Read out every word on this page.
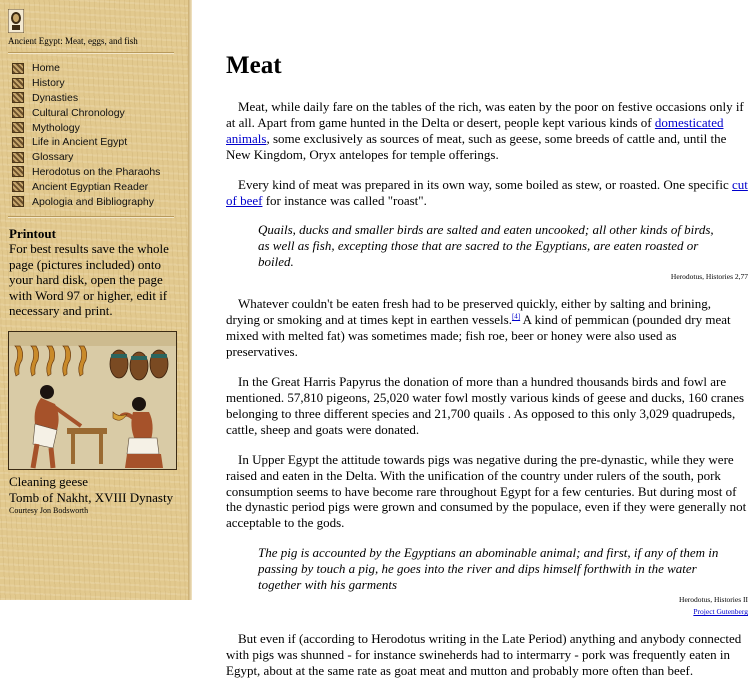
Ancient Egypt: Meat, eggs, and fish
Home
History
Dynasties
Cultural Chronology
Mythology
Life in Ancient Egypt
Glossary
Herodotus on the Pharaohs
Ancient Egyptian Reader
Apologia and Bibliography
Printout
For best results save the whole page (pictures included) onto your hard disk, open the page with Word 97 or higher, edit if necessary and print.
Cleaning geese
Tomb of Nakht, XVIII Dynasty
Courtesy Jon Bodsworth
Meat

Meat, while daily fare on the tables of the rich, was eaten by the poor on festive occasions only if at all. Apart from game hunted in the Delta or desert, people kept various kinds of domesticated animals, some exclusively as sources of meat, such as geese, some breeds of cattle and, until the New Kingdom, Oryx antelopes for temple offerings.

Every kind of meat was prepared in its own way, some boiled as stew, or roasted. One specific cut of beef for instance was called "roast".

Quails, ducks and smaller birds are salted and eaten uncooked; all other kinds of birds, as well as fish, excepting those that are sacred to the Egyptians, are eaten roasted or boiled.
Herodotus, Histories 2,77

Whatever couldn't be eaten fresh had to be preserved quickly, either by salting and brining, drying or smoking and at times kept in earthen vessels.[4] A kind of pemmican (pounded dry meat mixed with melted fat) was sometimes made; fish roe, beer or honey were also used as preservatives.

In the Great Harris Papyrus the donation of more than a hundred thousands birds and fowl are mentioned. 57,810 pigeons, 25,020 water fowl mostly various kinds of geese and ducks, 160 cranes belonging to three different species and 21,700 quails . As opposed to this only 3,029 quadrupeds, cattle, sheep and goats were donated.

In Upper Egypt the attitude towards pigs was negative during the pre-dynastic, while they were raised and eaten in the Delta. With the unification of the country under rulers of the south, pork consumption seems to have become rare throughout Egypt for a few centuries. But during most of the dynastic period pigs were grown and consumed by the populace, even if they were generally not acceptable to the gods.

The pig is accounted by the Egyptians an abominable animal; and first, if any of them in passing by touch a pig, he goes into the river and dips himself forthwith in the water together with his garments
Herodotus, Histories II
Project Gutenberg

But even if (according to Herodotus writing in the Late Period) anything and anybody connected with pigs was shunned - for instance swineherds had to intermarry - pork was frequently eaten in Egypt, about at the same rate as goat meat and mutton and probably more often than beef.
